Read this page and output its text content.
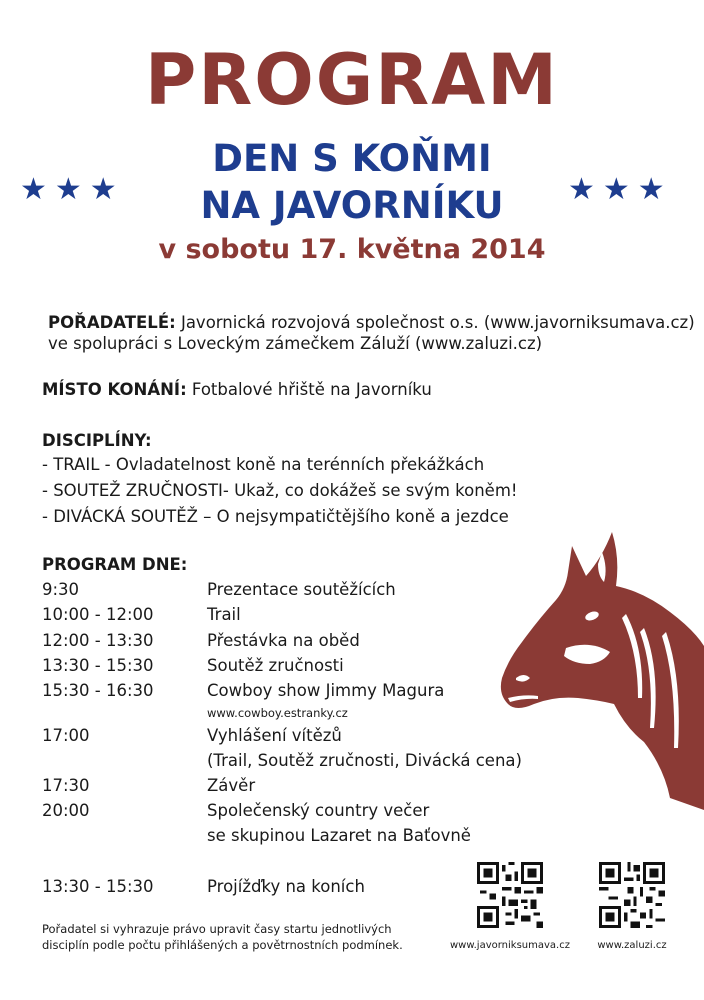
PROGRAM
★★★	★★★
DEN S KOŇMI
NA JAVORNÍKU
v sobotu 17. května 2014
POŘADATELÉ: Javornická rozvojová společnost o.s. (www.javorniksumava.cz)
ve spolupráci s Loveckým zámečkem Záluží (www.zaluzi.cz)
MÍSTO KONÁNÍ: Fotbalové hřiště na Javorníku
DISCIPLÍNY:
- TRAIL - Ovladatelnost koně na terénních překážkách
- SOUTEŽ ZRUČNOSTI- Ukaž, co dokážeš se svým koněm!
- DIVÁCKÁ SOUTĚŽ – O nejsympatičtějšího koně a jezdce
PROGRAM DNE:
9:30	Prezentace soutěžících
10:00 - 12:00	Trail
12:00 - 13:30	Přestávka na oběd
13:30 - 15:30	Soutěž zručnosti
15:30 - 16:30	Cowboy show Jimmy Magura
www.cowboy.estranky.cz
17:00	Vyhlášení vítězů
(Trail, Soutěž zručnosti, Divácká cena)
17:30	Závěr
20:00	Společenský country večer
se skupinou Lazaret na Baťovně
13:30 - 15:30	Projížďky na koních
Pořadatel si vyhrazuje právo upravit časy startu jednotlivých
disciplín podle počtu přihlášených a povětrnostních podmínek.	www.javorniksumava.cz	www.zaluzi.cz
